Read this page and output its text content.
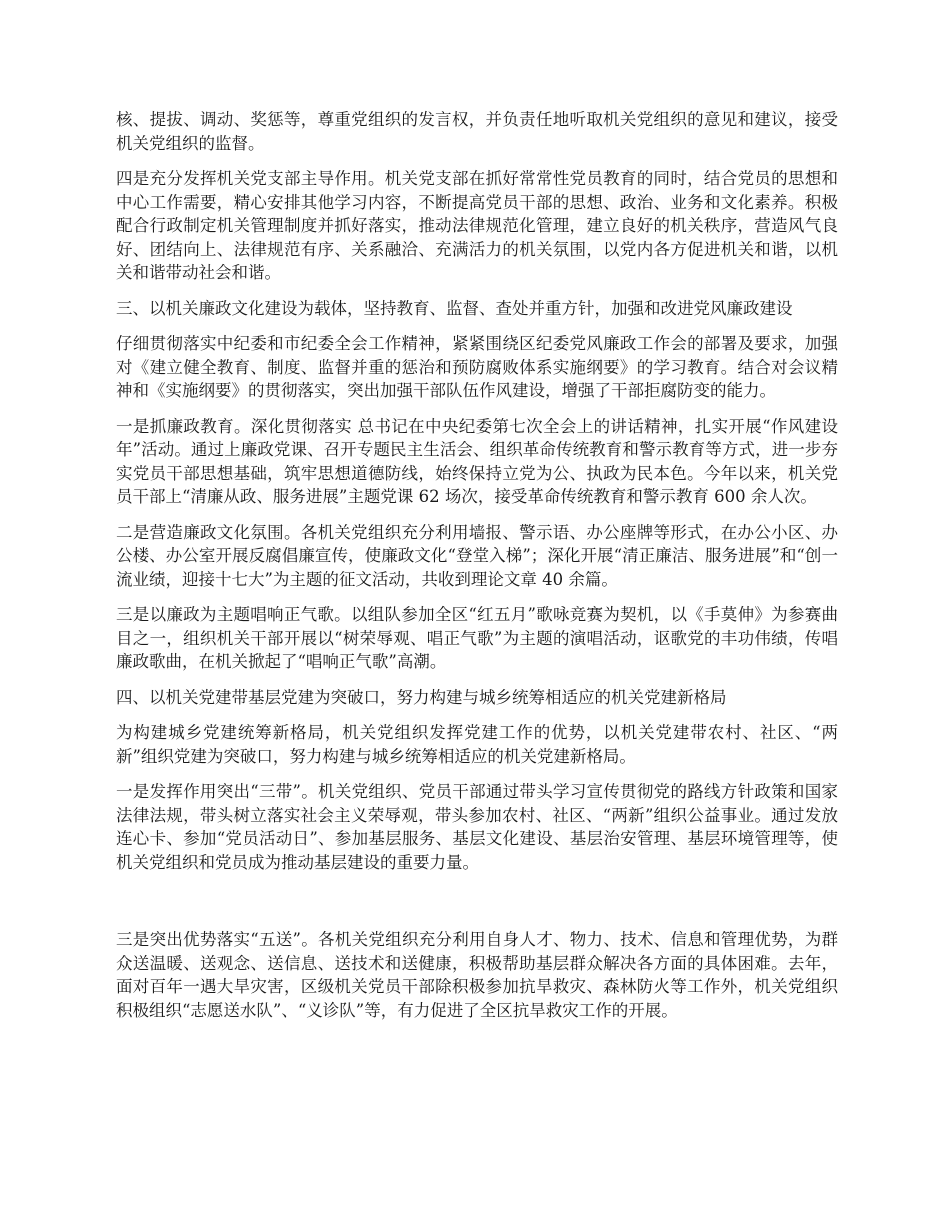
核、提拔、调动、奖惩等，尊重党组织的发言权，并负责任地听取机关党组织的意见和建议，接受机关党组织的监督。

四是充分发挥机关党支部主导作用。机关党支部在抓好常常性党员教育的同时，结合党员的思想和中心工作需要，精心安排其他学习内容，不断提高党员干部的思想、政治、业务和文化素养。积极配合行政制定机关管理制度并抓好落实，推动法律规范化管理，建立良好的机关秩序，营造风气良好、团结向上、法律规范有序、关系融洽、充满活力的机关氛围，以党内各方促进机关和谐，以机关和谐带动社会和谐。

三、以机关廉政文化建设为载体，坚持教育、监督、查处并重方针，加强和改进党风廉政建设

仔细贯彻落实中纪委和市纪委全会工作精神，紧紧围绕区纪委党风廉政工作会的部署及要求，加强对《建立健全教育、制度、监督并重的惩治和预防腐败体系实施纲要》的学习教育。结合对会议精神和《实施纲要》的贯彻落实，突出加强干部队伍作风建设，增强了干部拒腐防变的能力。

一是抓廉政教育。深化贯彻落实 总书记在中央纪委第七次全会上的讲话精神，扎实开展“作风建设年”活动。通过上廉政党课、召开专题民主生活会、组织革命传统教育和警示教育等方式，进一步夯实党员干部思想基础，筑牢思想道德防线，始终保持立党为公、执政为民本色。今年以来，机关党员干部上“清廉从政、服务进展”主题党课 62 场次，接受革命传统教育和警示教育 600 余人次。

二是营造廉政文化氛围。各机关党组织充分利用墙报、警示语、办公座牌等形式，在办公小区、办公楼、办公室开展反腐倡廉宣传，使廉政文化“登堂入梯”；深化开展“清正廉洁、服务进展”和“创一流业绩，迎接十七大”为主题的征文活动，共收到理论文章 40 余篇。

三是以廉政为主题唱响正气歌。以组队参加全区“红五月”歌咏竞赛为契机，以《手莫伸》为参赛曲目之一，组织机关干部开展以“树荣辱观、唱正气歌”为主题的演唱活动，讴歌党的丰功伟绩，传唱廉政歌曲，在机关掀起了“唱响正气歌”高潮。

四、以机关党建带基层党建为突破口，努力构建与城乡统筹相适应的机关党建新格局

为构建城乡党建统筹新格局，机关党组织发挥党建工作的优势，以机关党建带农村、社区、“两新”组织党建为突破口，努力构建与城乡统筹相适应的机关党建新格局。

一是发挥作用突出“三带”。机关党组织、党员干部通过带头学习宣传贯彻党的路线方针政策和国家法律法规，带头树立落实社会主义荣辱观，带头参加农村、社区、“两新”组织公益事业。通过发放连心卡、参加“党员活动日”、参加基层服务、基层文化建设、基层治安管理、基层环境管理等，使机关党组织和党员成为推动基层建设的重要力量。

三是突出优势落实“五送”。各机关党组织充分利用自身人才、物力、技术、信息和管理优势，为群众送温暖、送观念、送信息、送技术和送健康，积极帮助基层群众解决各方面的具体困难。去年，面对百年一遇大旱灾害，区级机关党员干部除积极参加抗旱救灾、森林防火等工作外，机关党组织积极组织“志愿送水队”、“义诊队”等，有力促进了全区抗旱救灾工作的开展。
